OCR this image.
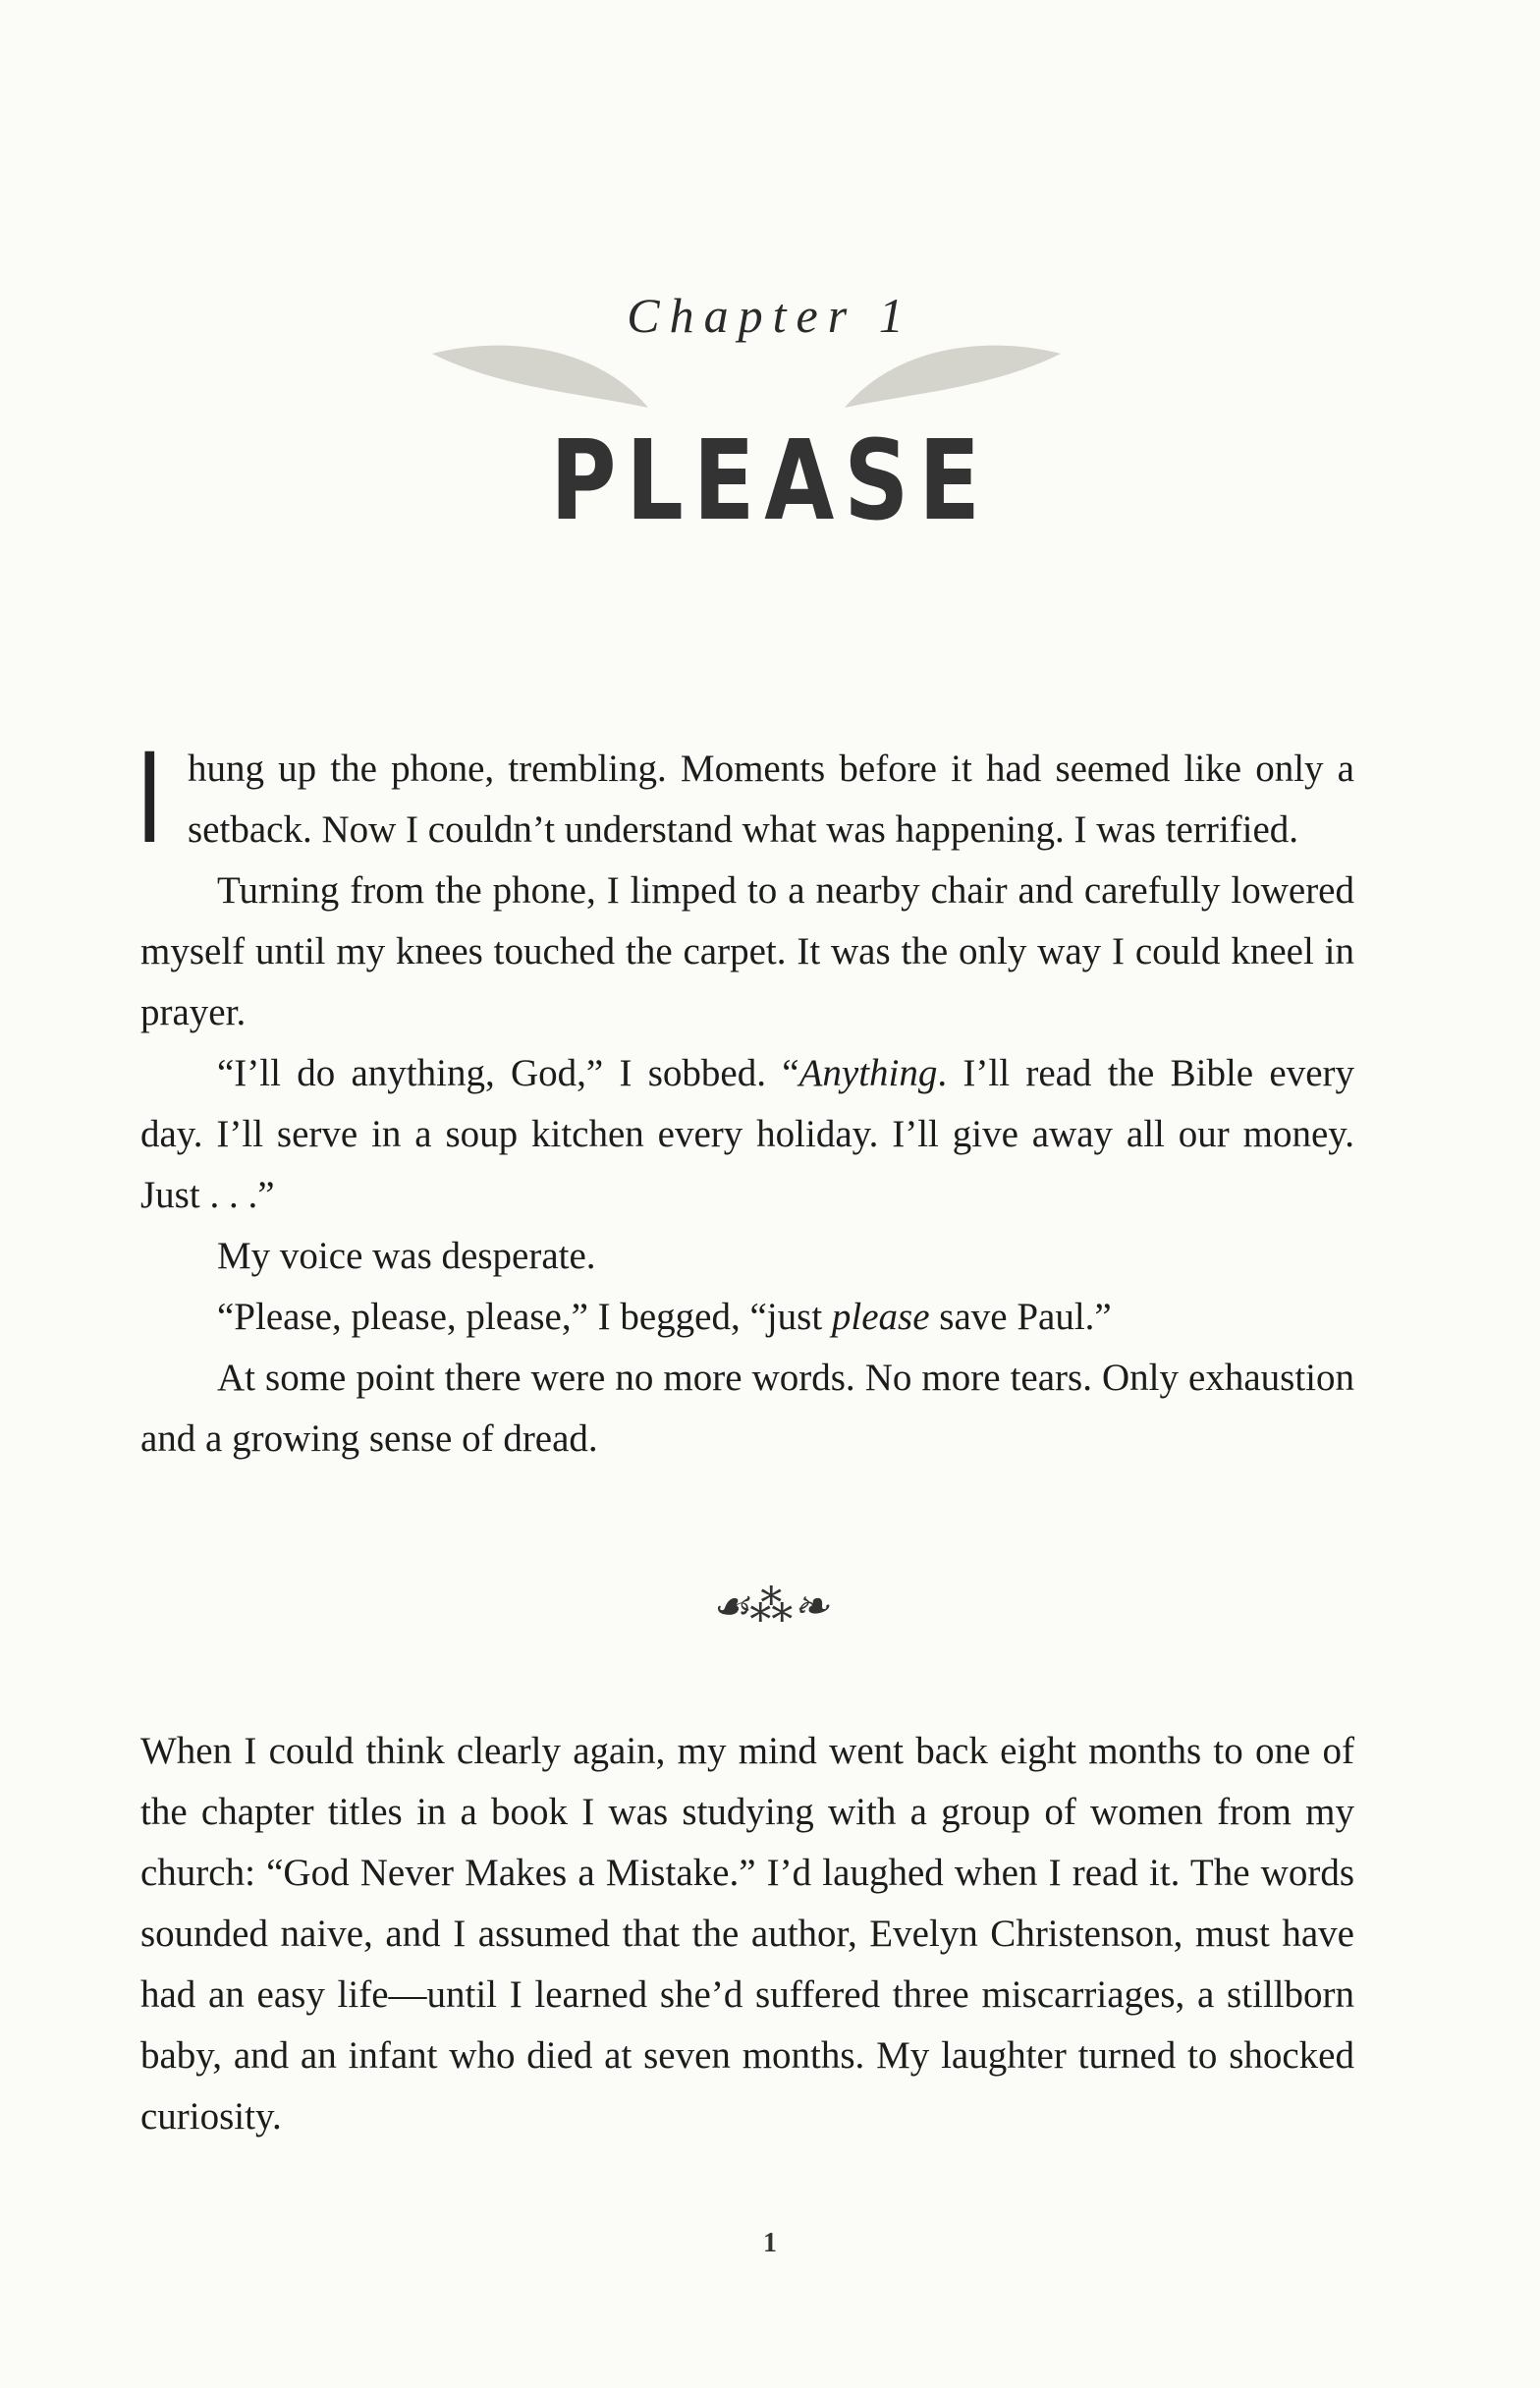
Chapter 1
PLEASE

I hung up the phone, trembling. Moments before it had seemed like only a setback. Now I couldn’t understand what was happening. I was terrified.

Turning from the phone, I limped to a nearby chair and carefully lowered myself until my knees touched the carpet. It was the only way I could kneel in prayer.

“I’ll do anything, God,” I sobbed. “Anything. I’ll read the Bible every day. I’ll serve in a soup kitchen every holiday. I’ll give away all our money. Just . . .”

My voice was desperate.

“Please, please, please,” I begged, “just please save Paul.”

At some point there were no more words. No more tears. Only exhaustion and a growing sense of dread.

☙⁂❧

When I could think clearly again, my mind went back eight months to one of the chapter titles in a book I was studying with a group of women from my church: “God Never Makes a Mistake.” I’d laughed when I read it. The words sounded naive, and I assumed that the author, Evelyn Christenson, must have had an easy life—until I learned she’d suffered three miscarriages, a stillborn baby, and an infant who died at seven months. My laughter turned to shocked curiosity.

1
